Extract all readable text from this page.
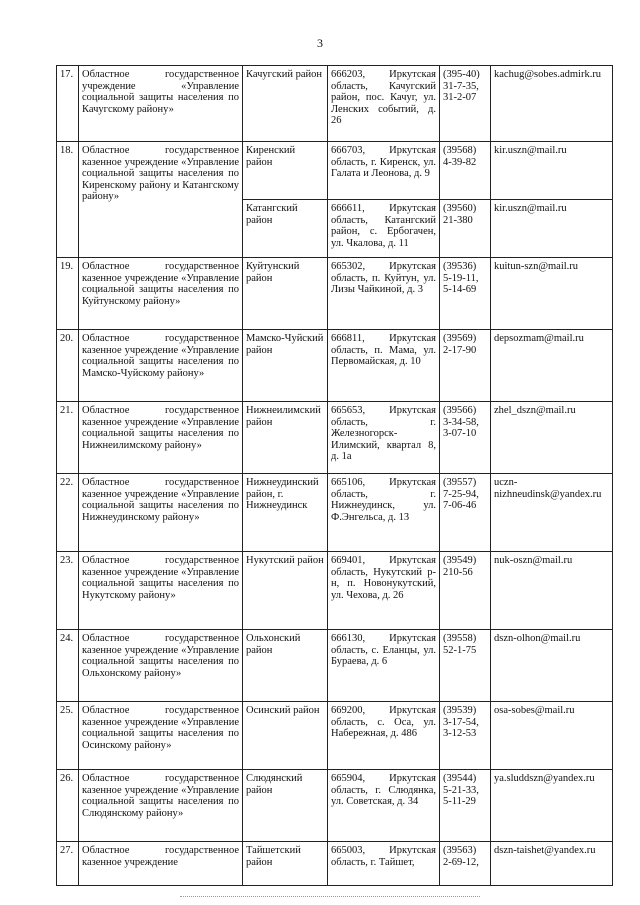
3
17.	Областное государственное учреждение «Управление социальной защиты населения по Качугскому району»	Качугский район	666203, Иркутская область, Качугский район, пос. Качуг, ул. Ленских событий, д. 26	(395-40) 31-7-35, 31-2-07	kachug@sobes.admirk.ru
18.	Областное государственное казенное учреждение «Управление социальной защиты населения по Киренскому району и Катангскому району»	Киренский район	666703, Иркутская область, г. Киренск, ул. Галата и Леонова, д. 9	(39568) 4-39-82	kir.uszn@mail.ru
		Катангский район	666611, Иркутская область, Катангский район, с. Ербогачен, ул. Чкалова, д. 11	(39560) 21-380	kir.uszn@mail.ru
19.	Областное государственное казенное учреждение «Управление социальной защиты населения по Куйтунскому району»	Куйтунский район	665302, Иркутская область, п. Куйтун, ул. Лизы Чайкиной, д. 3	(39536) 5-19-11, 5-14-69	kuitun-szn@mail.ru
20.	Областное государственное казенное учреждение «Управление социальной защиты населения по Мамско-Чуйскому району»	Мамско-Чуйский район	666811, Иркутская область, п. Мама, ул. Первомайская, д. 10	(39569) 2-17-90	depsozmam@mail.ru
21.	Областное государственное казенное учреждение «Управление социальной защиты населения по Нижнеилимскому району»	Нижнеилимский район	665653, Иркутская область, г. Железногорск-Илимский, квартал 8, д. 1а	(39566) 3-34-58, 3-07-10	zhel_dszn@mail.ru
22.	Областное государственное казенное учреждение «Управление социальной защиты населения по Нижнеудинскому району»	Нижнеудинский район, г. Нижнеудинск	665106, Иркутская область, г. Нижнеудинск, ул. Ф.Энгельса, д. 13	(39557) 7-25-94, 7-06-46	uczn-nizhneudinsk@yandex.ru
23.	Областное государственное казенное учреждение «Управление социальной защиты населения по Нукутскому району»	Нукутский район	669401, Иркутская область, Нукутский р-н, п. Новонукутский, ул. Чехова, д. 26	(39549) 210-56	nuk-oszn@mail.ru
24.	Областное государственное казенное учреждение «Управление социальной защиты населения по Ольхонскому району»	Ольхонский район	666130, Иркутская область, с. Еланцы, ул. Бураева, д. 6	(39558) 52-1-75	dszn-olhon@mail.ru
25.	Областное государственное казенное учреждение «Управление социальной защиты населения по Осинскому району»	Осинский район	669200, Иркутская область, с. Оса, ул. Набережная, д. 486	(39539) 3-17-54, 3-12-53	osa-sobes@mail.ru
26.	Областное государственное казенное учреждение «Управление социальной защиты населения по Слюдянскому району»	Слюдянский район	665904, Иркутская область, г. Слюдянка, ул. Советская, д. 34	(39544) 5-21-33, 5-11-29	ya.sluddszn@yandex.ru
27.	Областное государственное казенное учреждение	Тайшетский район	665003, Иркутская область, г. Тайшет,	(39563) 2-69-12,	dszn-taishet@yandex.ru
